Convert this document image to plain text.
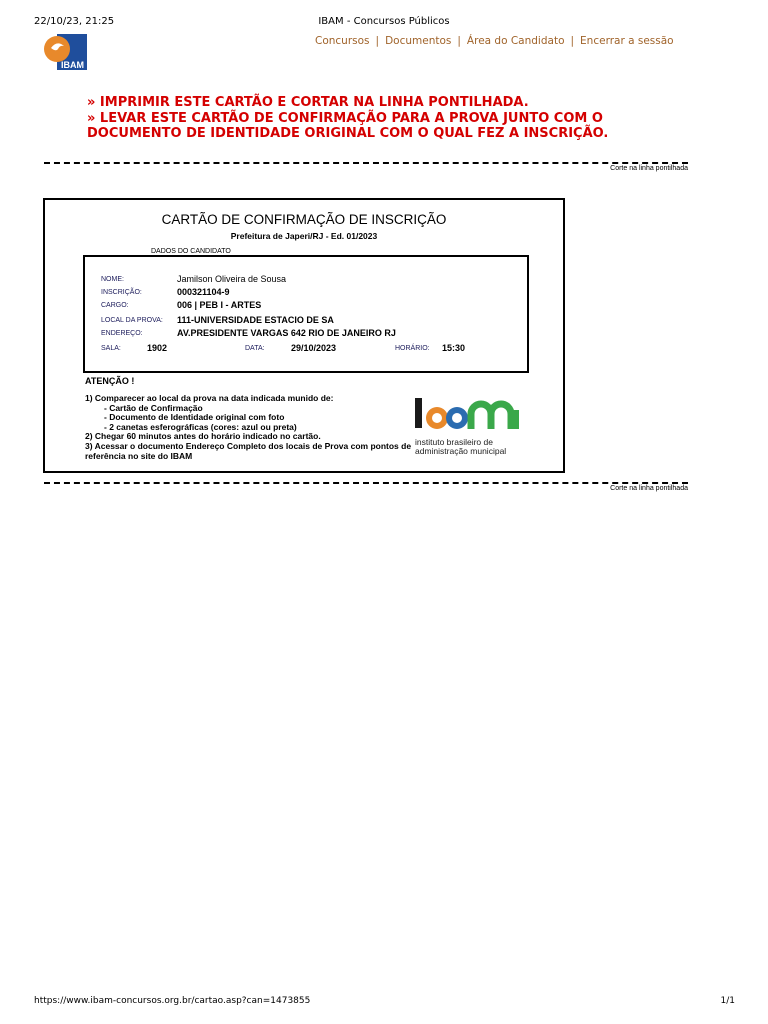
22/10/23, 21:25	IBAM - Concursos Públicos
IBAM
Concursos | Documentos | Área do Candidato | Encerrar a sessão
» IMPRIMIR ESTE CARTÃO E CORTAR NA LINHA PONTILHADA.
» LEVAR ESTE CARTÃO DE CONFIRMAÇÃO PARA A PROVA JUNTO COM O
DOCUMENTO DE IDENTIDADE ORIGINAL COM O QUAL FEZ A INSCRIÇÃO.
Corte na linha pontilhada
CARTÃO DE CONFIRMAÇÃO DE INSCRIÇÃO
Prefeitura de Japeri/RJ - Ed. 01/2023
DADOS DO CANDIDATO
NOME:	Jamilson Oliveira de Sousa
INSCRIÇÃO:	000321104-9
CARGO:	006 | PEB I - ARTES
LOCAL DA PROVA: 111-UNIVERSIDADE ESTACIO DE SA
ENDEREÇO:	AV.PRESIDENTE VARGAS 642 RIO DE JANEIRO RJ
SALA:	1902	DATA:	29/10/2023	HORÁRIO: 15:30
ATENÇÃO !
1) Comparecer ao local da prova na data indicada munido de:
- Cartão de Confirmação
- Documento de Identidade original com foto
- 2 canetas esferográficas (cores: azul ou preta)
2) Chegar 60 minutos antes do horário indicado no cartão.
3) Acessar o documento Endereço Completo dos locais de Prova com pontos de referência no site do IBAM
instituto brasileiro de
administração municipal
Corte na linha pontilhada
https://www.ibam-concursos.org.br/cartao.asp?can=1473855	1/1
